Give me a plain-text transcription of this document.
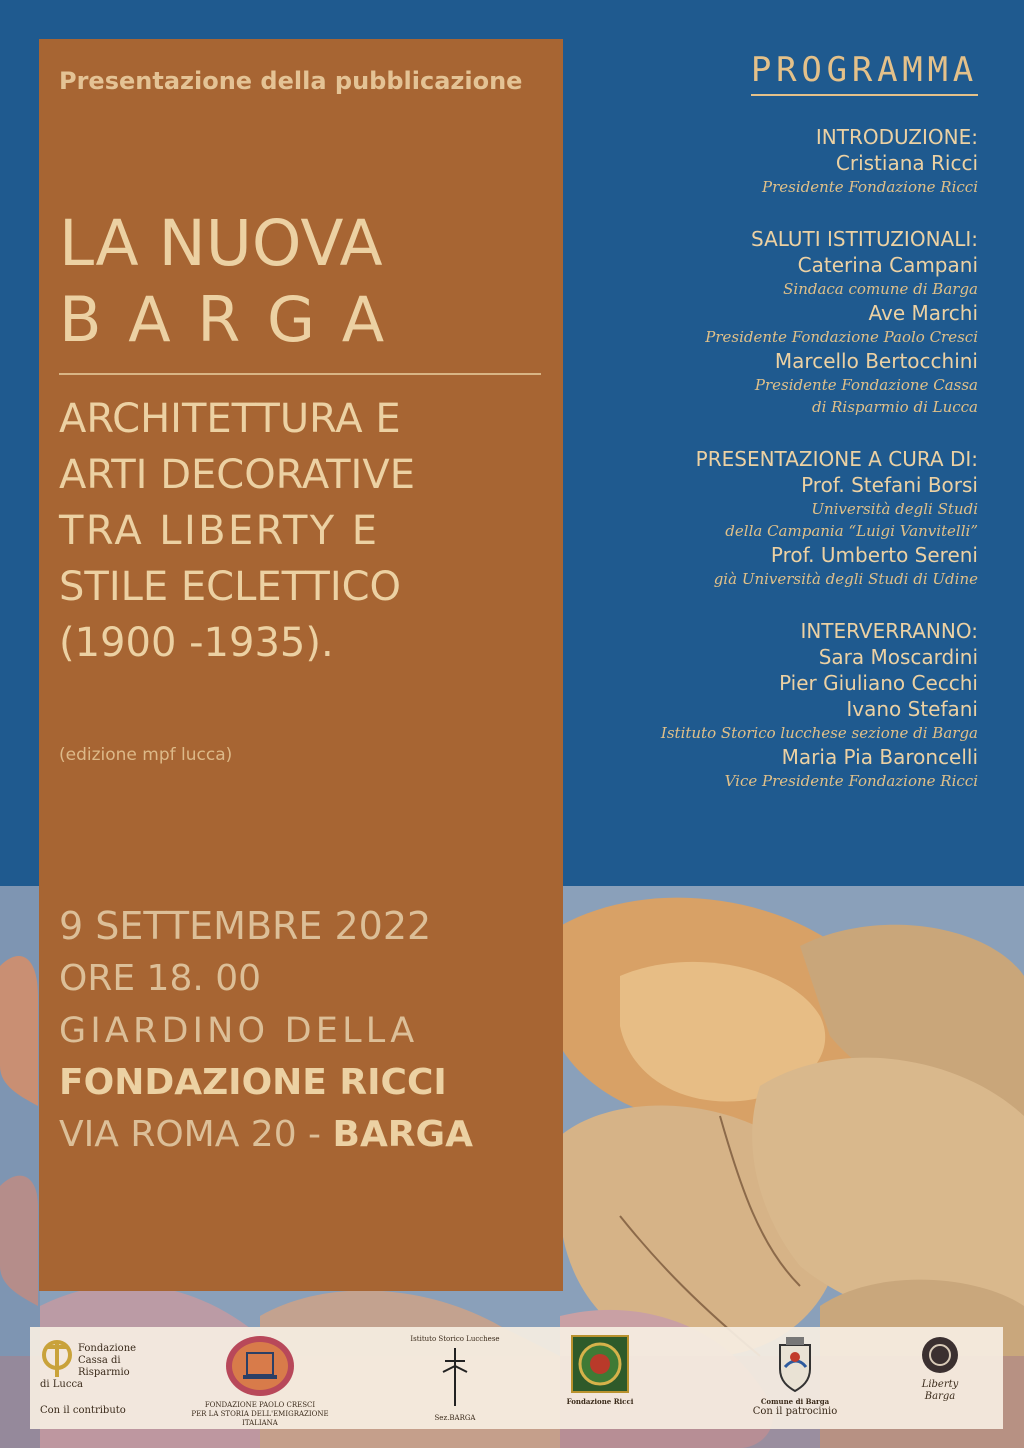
Presentazione della pubblicazione
LA NUOVA
BARGA
ARCHITETTURA E
ARTI DECORATIVE
TRA LIBERTY E
STILE ECLETTICO
(1900 -1935).
(edizione mpf lucca)
9 SETTEMBRE 2022
ORE 18. 00
GIARDINO DELLA
FONDAZIONE RICCI
VIA ROMA 20 - BARGA
PROGRAMMA
INTRODUZIONE:
Cristiana Ricci
Presidente Fondazione Ricci
SALUTI ISTITUZIONALI:
Caterina Campani
Sindaca comune di Barga
Ave Marchi
Presidente Fondazione Paolo Cresci
Marcello Bertocchini
Presidente Fondazione Cassa
di Risparmio di Lucca
PRESENTAZIONE A CURA DI:
Prof. Stefani Borsi
Università degli Studi
della Campania “Luigi Vanvitelli”
Prof. Umberto Sereni
già Università degli Studi di Udine
INTERVERRANNO:
Sara Moscardini
Pier Giuliano Cecchi
Ivano Stefani
Istituto Storico lucchese sezione di Barga
Maria Pia Baroncelli
Vice Presidente Fondazione Ricci
Fondazione
Cassa di Risparmio
di Lucca
Con il contributo	FONDAZIONE PAOLO CRESCI
PER LA STORIA DELL'EMIGRAZIONE ITALIANA
Istituto Storico Lucchese
Sez.BARGA
Fondazione Ricci	Comune di Barga
Con il patrocinio
Liberty Barga
